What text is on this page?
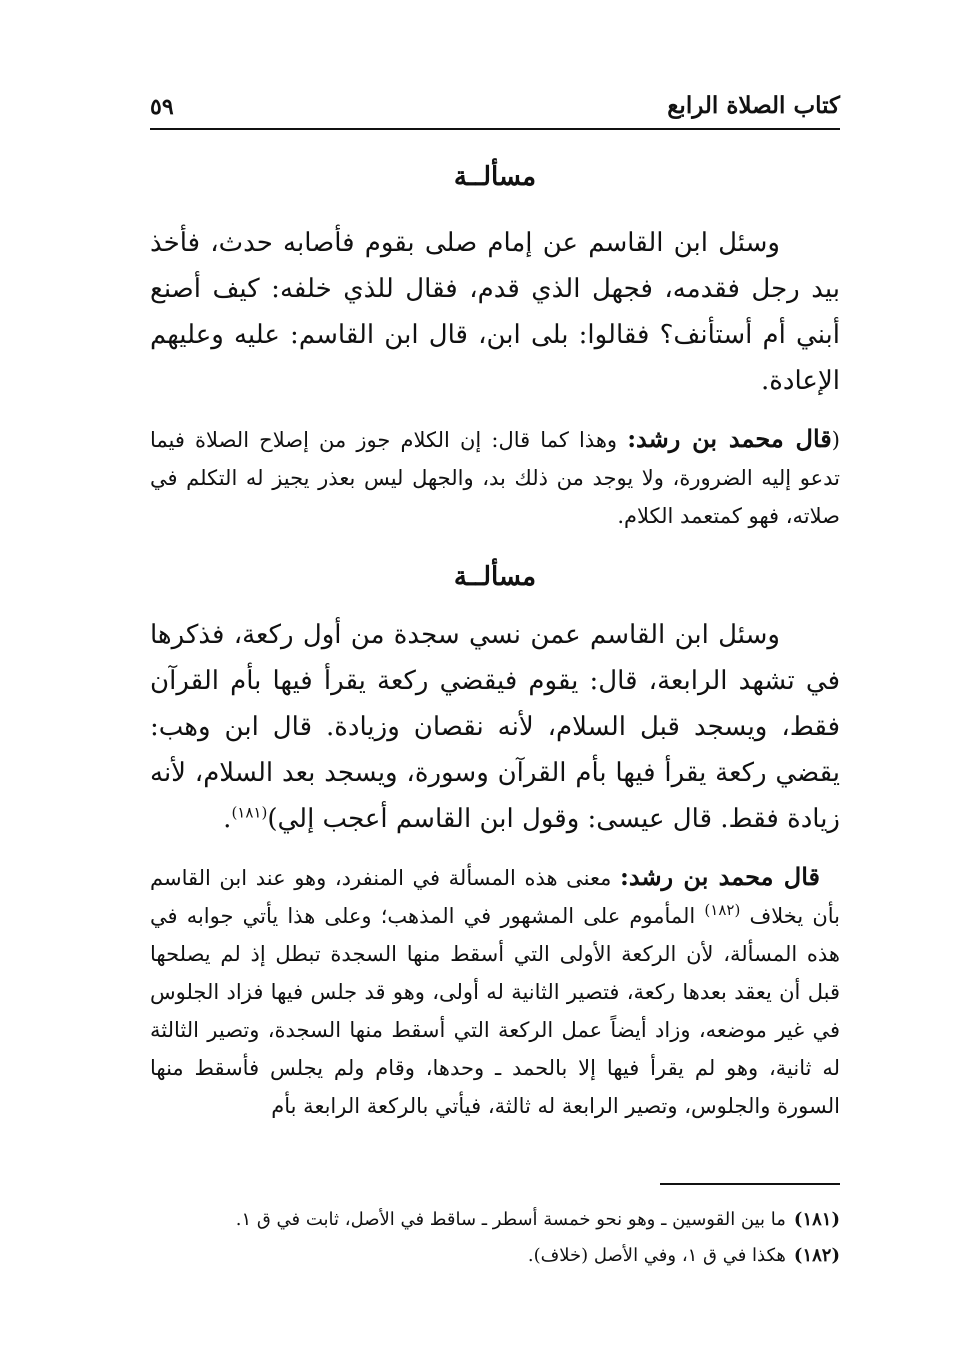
كتاب الصلاة الرابع
٥٩
مسألــة

وسئل ابن القاسم عن إمام صلى بقوم فأصابه حدث، فأخذ بيد رجل فقدمه، فجهل الذي قدم، فقال للذي خلفه: كيف أصنع أبني أم أستأنف؟ فقالوا: بلى ابن، قال ابن القاسم: عليه وعليهم الإعادة.

(قال محمد بن رشد: وهذا كما قال: إن الكلام جوز من إصلاح الصلاة فيما تدعو إليه الضرورة، ولا يوجد من ذلك بد، والجهل ليس بعذر يجيز له التكلم في صلاته، فهو كمتعمد الكلام.

مسألــة

وسئل ابن القاسم عمن نسي سجدة من أول ركعة، فذكرها في تشهد الرابعة، قال: يقوم فيقضي ركعة يقرأ فيها بأم القرآن فقط، ويسجد قبل السلام، لأنه نقصان وزيادة. قال ابن وهب: يقضي ركعة يقرأ فيها بأم القرآن وسورة، ويسجد بعد السلام، لأنه زيادة فقط. قال عيسى: وقول ابن القاسم أعجب إلي)$^{(١٨١)}$.

قال محمد بن رشد: معنى هذه المسألة في المنفرد، وهو عند ابن القاسم بأن يخلاف $^{(١٨٢)}$ المأموم على المشهور في المذهب؛ وعلى هذا يأتي جوابه في هذه المسألة، لأن الركعة الأولى التي أسقط منها السجدة تبطل إذ لم يصلحها قبل أن يعقد بعدها ركعة، فتصير الثانية له أولى، وهو قد جلس فيها فزاد الجلوس في غير موضعه، وزاد أيضاً عمل الركعة التي أسقط منها السجدة، وتصير الثالثة له ثانية، وهو لم يقرأ فيها إلا بالحمد ـ وحدها، وقام ولم يجلس فأسقط منها السورة والجلوس، وتصير الرابعة له ثالثة، فيأتي بالركعة الرابعة بأم

(١٨١)ما بين القوسين ـ وهو نحو خمسة أسطر ـ ساقط في الأصل، ثابت في ق ١.
(١٨٢)هكذا في ق ١، وفي الأصل (خلاف).
